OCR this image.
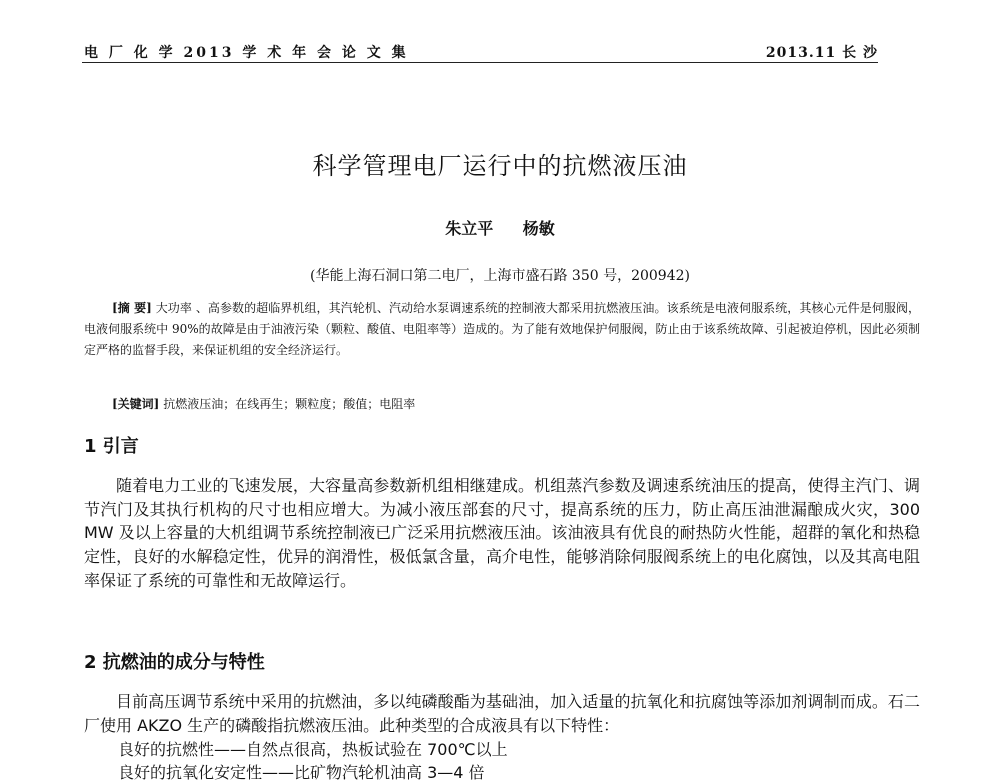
电 厂 化 学 2013 学 术 年 会 论 文 集	2013.11 长 沙
科学管理电厂运行中的抗燃液压油
朱立平 杨敏
(华能上海石洞口第二电厂，上海市盛石路 350 号，200942)

[摘 要] 大功率 、高参数的超临界机组，其汽轮机、汽动给水泵调速系统的控制液大都采用抗燃液压油。该系统是电液伺服系统，其核心元件是伺服阀，电液伺服系统中 90%的故障是由于油液污染（颗粒、酸值、电阻率等）造成的。为了能有效地保护伺服阀，防止由于该系统故障、引起被迫停机，因此必须制定严格的监督手段，来保证机组的安全经济运行。

[关键词] 抗燃液压油；在线再生；颗粒度；酸值；电阻率

1 引言

随着电力工业的飞速发展，大容量高参数新机组相继建成。机组蒸汽参数及调速系统油压的提高，使得主汽门、调节汽门及其执行机构的尺寸也相应增大。为减小液压部套的尺寸，提高系统的压力，防止高压油泄漏酿成火灾，300 MW 及以上容量的大机组调节系统控制液已广泛采用抗燃液压油。该油液具有优良的耐热防火性能，超群的氧化和热稳定性，良好的水解稳定性，优异的润滑性，极低氯含量，高介电性，能够消除伺服阀系统上的电化腐蚀，以及其高电阻率保证了系统的可靠性和无故障运行。

2 抗燃油的成分与特性

目前高压调节系统中采用的抗燃油，多以纯磷酸酯为基础油，加入适量的抗氧化和抗腐蚀等添加剂调制而成。石二厂使用 AKZO 生产的磷酸指抗燃液压油。此种类型的合成液具有以下特性：

良好的抗燃性——自然点很高，热板试验在 700℃以上

良好的抗氧化安定性——比矿物汽轮机油高 3—4 倍
